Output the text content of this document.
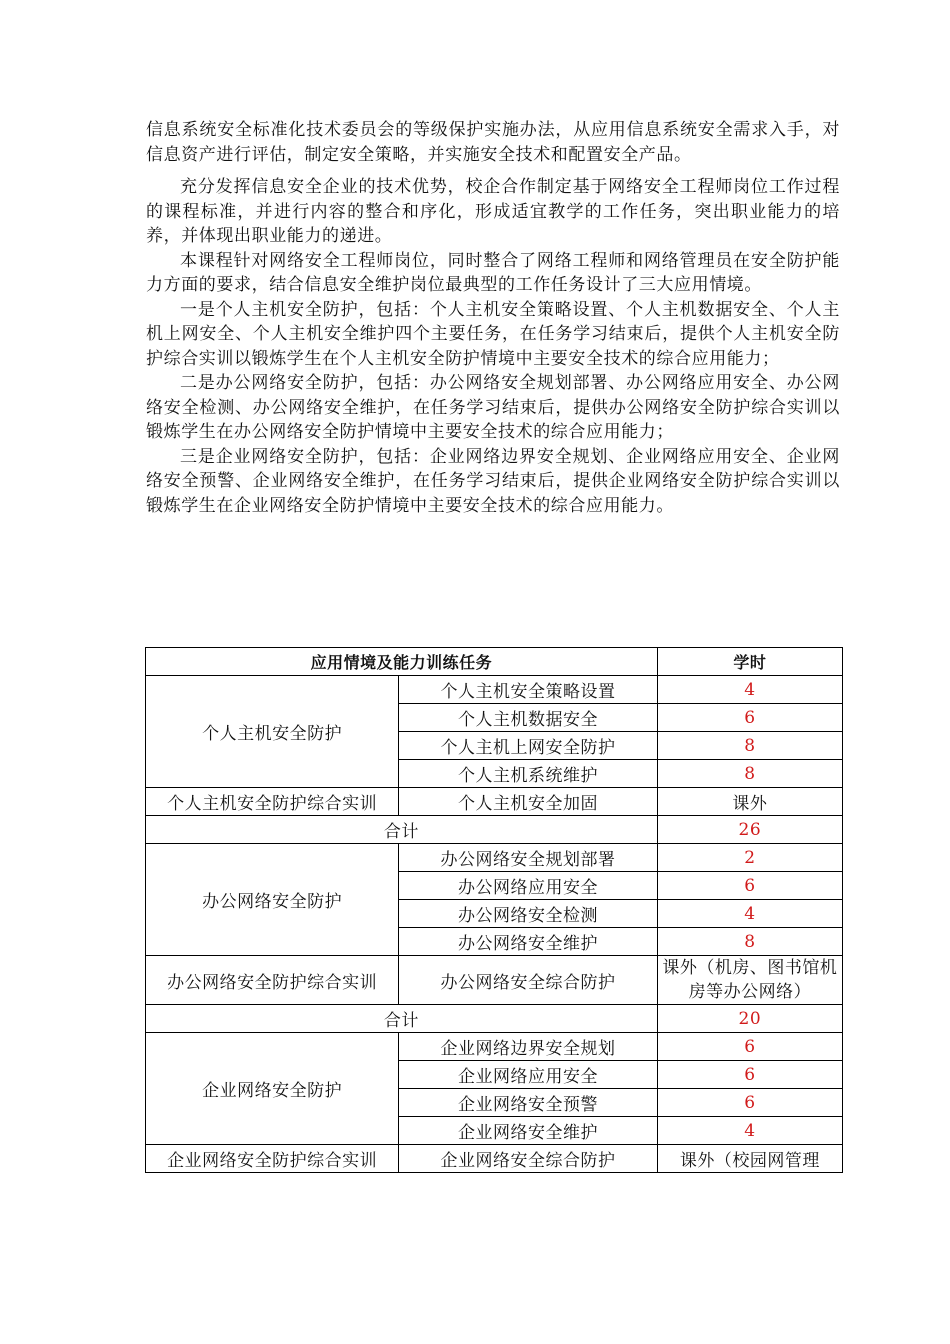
信息系统安全标准化技术委员会的等级保护实施办法，从应用信息系统安全需求入手，对信息资产进行评估，制定安全策略，并实施安全技术和配置安全产品。

充分发挥信息安全企业的技术优势，校企合作制定基于网络安全工程师岗位工作过程的课程标准，并进行内容的整合和序化，形成适宜教学的工作任务，突出职业能力的培养，并体现出职业能力的递进。

本课程针对网络安全工程师岗位，同时整合了网络工程师和网络管理员在安全防护能力方面的要求，结合信息安全维护岗位最典型的工作任务设计了三大应用情境。

一是个人主机安全防护，包括：个人主机安全策略设置、个人主机数据安全、个人主机上网安全、个人主机安全维护四个主要任务，在任务学习结束后，提供个人主机安全防护综合实训以锻炼学生在个人主机安全防护情境中主要安全技术的综合应用能力；

二是办公网络安全防护，包括：办公网络安全规划部署、办公网络应用安全、办公网络安全检测、办公网络安全维护，在任务学习结束后，提供办公网络安全防护综合实训以锻炼学生在办公网络安全防护情境中主要安全技术的综合应用能力；

三是企业网络安全防护，包括：企业网络边界安全规划、企业网络应用安全、企业网络安全预警、企业网络安全维护，在任务学习结束后，提供企业网络安全防护综合实训以锻炼学生在企业网络安全防护情境中主要安全技术的综合应用能力。

应用情境及能力训练任务		学时
个人主机安全防护	个人主机安全策略设置	4
	个人主机数据安全	6
	个人主机上网安全防护	8
	个人主机系统维护	8
个人主机安全防护综合实训	个人主机安全加固	课外
合计		26
办公网络安全防护	办公网络安全规划部署	2
	办公网络应用安全	6
	办公网络安全检测	4
	办公网络安全维护	8
办公网络安全防护综合实训	办公网络安全综合防护	课外（机房、图书馆机房等办公网络）
合计		20
企业网络安全防护	企业网络边界安全规划	6
	企业网络应用安全	6
	企业网络安全预警	6
	企业网络安全维护	4
企业网络安全防护综合实训	企业网络安全综合防护	课外（校园网管理
